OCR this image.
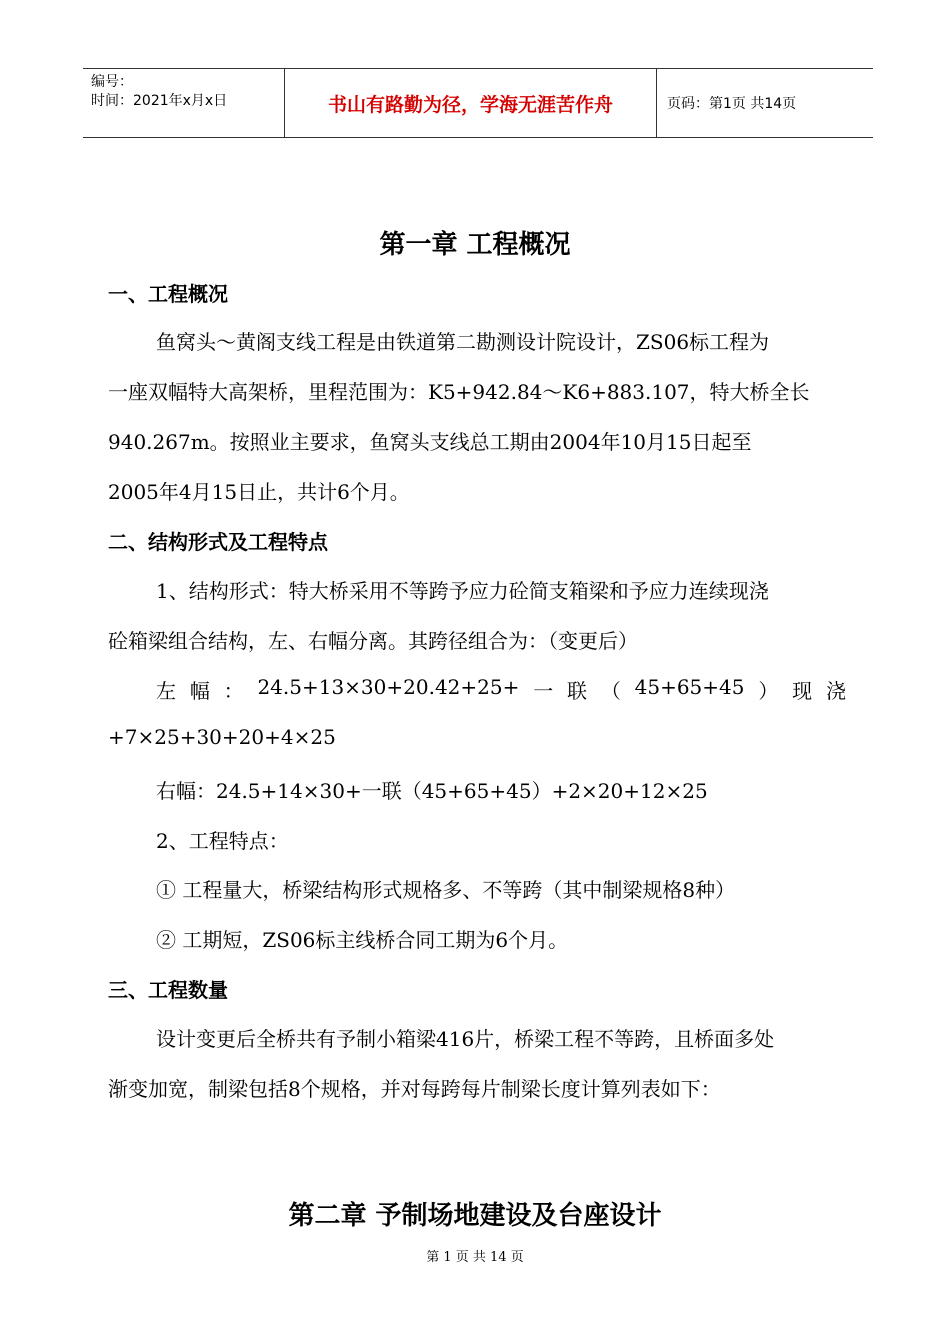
编号：
时间：2021年x月x日	书山有路勤为径，学海无涯苦作舟	页码：第1页 共14页
第一章 工程概况
一、工程概况
鱼窝头～黄阁支线工程是由铁道第二勘测设计院设计，ZS06标工程为
一座双幅特大高架桥，里程范围为：K5+942.84～K6+883.107，特大桥全长
940.267m。按照业主要求，鱼窝头支线总工期由2004年10月15日起至
2005年4月15日止，共计6个月。
二、结构形式及工程特点
1、结构形式：特大桥采用不等跨予应力砼简支箱梁和予应力连续现浇
砼箱梁组合结构，左、右幅分离。其跨径组合为：（变更后）
左 幅 ： 24.5+13×30+20.42+25+ 一 联 （ 45+65+45 ） 现 浇
+7×25+30+20+4×25
右幅：24.5+14×30+一联（45+65+45）+2×20+12×25
2、工程特点：
① 工程量大，桥梁结构形式规格多、不等跨（其中制梁规格8种）
② 工期短，ZS06标主线桥合同工期为6个月。
三、工程数量
设计变更后全桥共有予制小箱梁416片，桥梁工程不等跨，且桥面多处
渐变加宽，制梁包括8个规格，并对每跨每片制梁长度计算列表如下：
第二章 予制场地建设及台座设计
第 1 页 共 14 页
